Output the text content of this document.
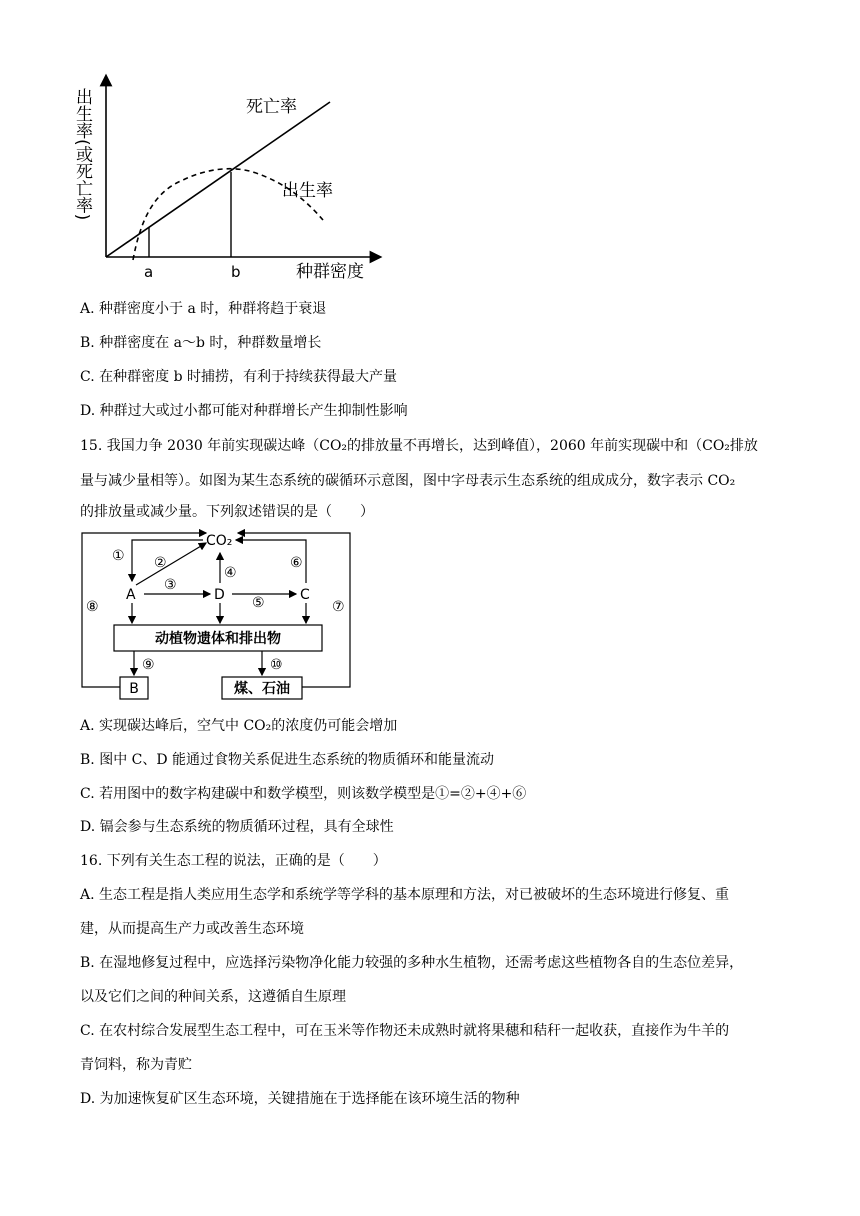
出生率(或死亡率)	死亡率
出生率
a	b	种群密度
A. 种群密度小于 a 时，种群将趋于衰退
B. 种群密度在 a～b 时，种群数量增长
C. 在种群密度 b 时捕捞，有利于持续获得最大产量
D. 种群过大或过小都可能对种群增长产生抑制性影响
15. 我国力争 2030 年前实现碳达峰（CO₂的排放量不再增长，达到峰值），2060 年前实现碳中和（CO₂排放
量与减少量相等）。如图为某生态系统的碳循环示意图，图中字母表示生态系统的组成成分，数字表示 CO₂
的排放量或减少量。下列叙述错误的是（　　）
CO₂
① ②
A
③
D
④
⑤	C
⑥
⑧	⑦
动植物遗体和排出物
⑨	⑩
B	煤、石油
A. 实现碳达峰后，空气中 CO₂的浓度仍可能会增加
B. 图中 C、D 能通过食物关系促进生态系统的物质循环和能量流动
C. 若用图中的数字构建碳中和数学模型，则该数学模型是①=②+④+⑥
D. 镉会参与生态系统的物质循环过程，具有全球性
16. 下列有关生态工程的说法，正确的是（　　）
A. 生态工程是指人类应用生态学和系统学等学科的基本原理和方法，对已被破坏的生态环境进行修复、重
建，从而提高生产力或改善生态环境
B. 在湿地修复过程中，应选择污染物净化能力较强的多种水生植物，还需考虑这些植物各自的生态位差异，
以及它们之间的种间关系，这遵循自生原理
C. 在农村综合发展型生态工程中，可在玉米等作物还未成熟时就将果穗和秸秆一起收获，直接作为牛羊的
青饲料，称为青贮
D. 为加速恢复矿区生态环境，关键措施在于选择能在该环境生活的物种
